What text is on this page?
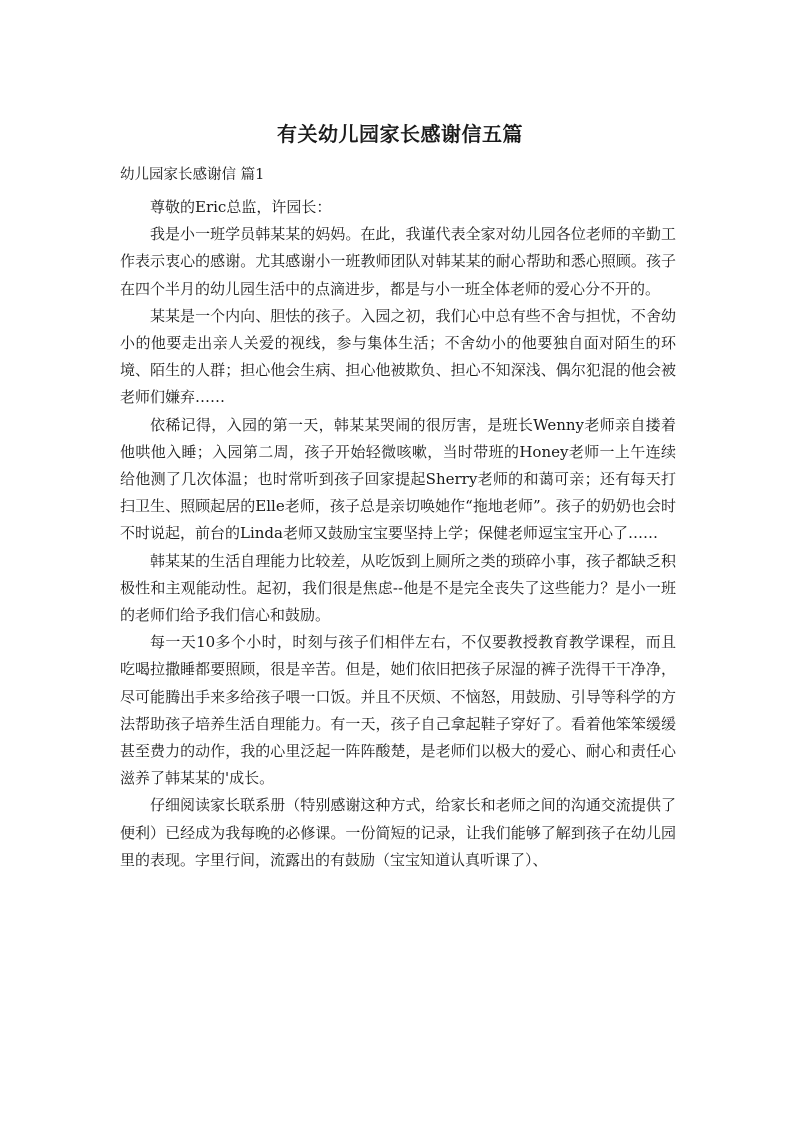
有关幼儿园家长感谢信五篇
幼儿园家长感谢信 篇1

尊敬的Eric总监，许园长：

我是小一班学员韩某某的妈妈。在此，我谨代表全家对幼儿园各位老师的辛勤工作表示衷心的感谢。尤其感谢小一班教师团队对韩某某的耐心帮助和悉心照顾。孩子在四个半月的幼儿园生活中的点滴进步，都是与小一班全体老师的爱心分不开的。

某某是一个内向、胆怯的孩子。入园之初，我们心中总有些不舍与担忧，不舍幼小的他要走出亲人关爱的视线，参与集体生活；不舍幼小的他要独自面对陌生的环境、陌生的人群；担心他会生病、担心他被欺负、担心不知深浅、偶尔犯混的他会被老师们嫌弃……

依稀记得，入园的第一天，韩某某哭闹的很厉害，是班长Wenny老师亲自搂着他哄他入睡；入园第二周，孩子开始轻微咳嗽，当时带班的Honey老师一上午连续给他测了几次体温；也时常听到孩子回家提起Sherry老师的和蔼可亲；还有每天打扫卫生、照顾起居的Elle老师，孩子总是亲切唤她作“拖地老师”。孩子的奶奶也会时不时说起，前台的Linda老师又鼓励宝宝要坚持上学；保健老师逗宝宝开心了……

韩某某的生活自理能力比较差，从吃饭到上厕所之类的琐碎小事，孩子都缺乏积极性和主观能动性。起初，我们很是焦虑--他是不是完全丧失了这些能力？是小一班的老师们给予我们信心和鼓励。

每一天10多个小时，时刻与孩子们相伴左右，不仅要教授教育教学课程，而且吃喝拉撒睡都要照顾，很是辛苦。但是，她们依旧把孩子尿湿的裤子洗得干干净净，尽可能腾出手来多给孩子喂一口饭。并且不厌烦、不恼怒，用鼓励、引导等科学的方法帮助孩子培养生活自理能力。有一天，孩子自己拿起鞋子穿好了。看着他笨笨缓缓甚至费力的动作，我的心里泛起一阵阵酸楚，是老师们以极大的爱心、耐心和责任心滋养了韩某某的'成长。

仔细阅读家长联系册（特别感谢这种方式，给家长和老师之间的沟通交流提供了便利）已经成为我每晚的必修课。一份简短的记录，让我们能够了解到孩子在幼儿园里的表现。字里行间，流露出的有鼓励（宝宝知道认真听课了）、
